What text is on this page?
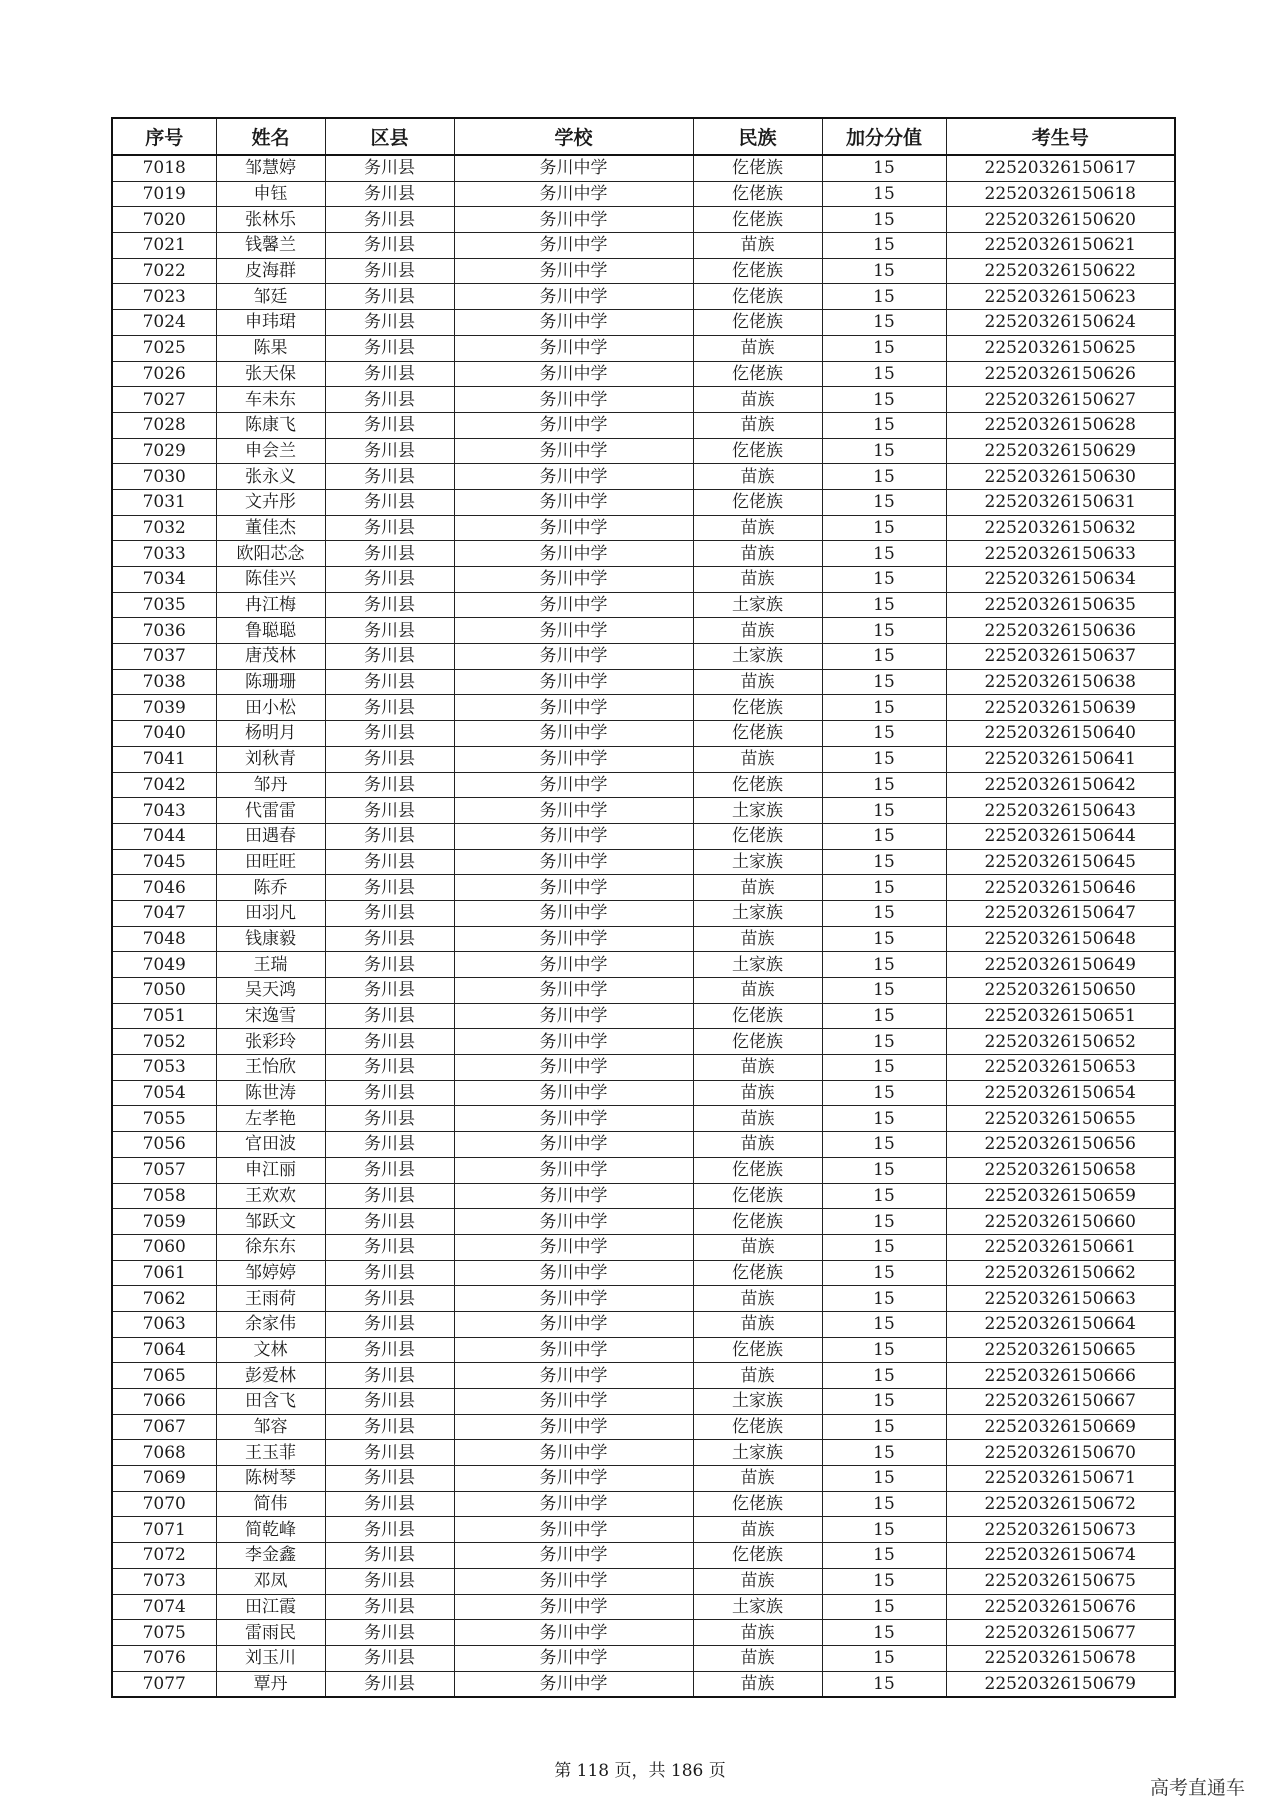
序号	姓名	区县	学校	民族	加分分值	考生号
7018	邹慧婷	务川县	务川中学	仡佬族	15	22520326150617
7019	申钰	务川县	务川中学	仡佬族	15	22520326150618
7020	张林乐	务川县	务川中学	仡佬族	15	22520326150620
7021	钱馨兰	务川县	务川中学	苗族	15	22520326150621
7022	皮海群	务川县	务川中学	仡佬族	15	22520326150622
7023	邹廷	务川县	务川中学	仡佬族	15	22520326150623
7024	申玮珺	务川县	务川中学	仡佬族	15	22520326150624
7025	陈果	务川县	务川中学	苗族	15	22520326150625
7026	张天保	务川县	务川中学	仡佬族	15	22520326150626
7027	车未东	务川县	务川中学	苗族	15	22520326150627
7028	陈康飞	务川县	务川中学	苗族	15	22520326150628
7029	申会兰	务川县	务川中学	仡佬族	15	22520326150629
7030	张永义	务川县	务川中学	苗族	15	22520326150630
7031	文卉彤	务川县	务川中学	仡佬族	15	22520326150631
7032	董佳杰	务川县	务川中学	苗族	15	22520326150632
7033	欧阳芯念	务川县	务川中学	苗族	15	22520326150633
7034	陈佳兴	务川县	务川中学	苗族	15	22520326150634
7035	冉江梅	务川县	务川中学	土家族	15	22520326150635
7036	鲁聪聪	务川县	务川中学	苗族	15	22520326150636
7037	唐茂林	务川县	务川中学	土家族	15	22520326150637
7038	陈珊珊	务川县	务川中学	苗族	15	22520326150638
7039	田小松	务川县	务川中学	仡佬族	15	22520326150639
7040	杨明月	务川县	务川中学	仡佬族	15	22520326150640
7041	刘秋青	务川县	务川中学	苗族	15	22520326150641
7042	邹丹	务川县	务川中学	仡佬族	15	22520326150642
7043	代雷雷	务川县	务川中学	土家族	15	22520326150643
7044	田遇春	务川县	务川中学	仡佬族	15	22520326150644
7045	田旺旺	务川县	务川中学	土家族	15	22520326150645
7046	陈乔	务川县	务川中学	苗族	15	22520326150646
7047	田羽凡	务川县	务川中学	土家族	15	22520326150647
7048	钱康毅	务川县	务川中学	苗族	15	22520326150648
7049	王瑞	务川县	务川中学	土家族	15	22520326150649
7050	吴天鸿	务川县	务川中学	苗族	15	22520326150650
7051	宋逸雪	务川县	务川中学	仡佬族	15	22520326150651
7052	张彩玲	务川县	务川中学	仡佬族	15	22520326150652
7053	王怡欣	务川县	务川中学	苗族	15	22520326150653
7054	陈世涛	务川县	务川中学	苗族	15	22520326150654
7055	左孝艳	务川县	务川中学	苗族	15	22520326150655
7056	官田波	务川县	务川中学	苗族	15	22520326150656
7057	申江丽	务川县	务川中学	仡佬族	15	22520326150658
7058	王欢欢	务川县	务川中学	仡佬族	15	22520326150659
7059	邹跃文	务川县	务川中学	仡佬族	15	22520326150660
7060	徐东东	务川县	务川中学	苗族	15	22520326150661
7061	邹婷婷	务川县	务川中学	仡佬族	15	22520326150662
7062	王雨荷	务川县	务川中学	苗族	15	22520326150663
7063	余家伟	务川县	务川中学	苗族	15	22520326150664
7064	文林	务川县	务川中学	仡佬族	15	22520326150665
7065	彭爱林	务川县	务川中学	苗族	15	22520326150666
7066	田含飞	务川县	务川中学	土家族	15	22520326150667
7067	邹容	务川县	务川中学	仡佬族	15	22520326150669
7068	王玉菲	务川县	务川中学	土家族	15	22520326150670
7069	陈树琴	务川县	务川中学	苗族	15	22520326150671
7070	简伟	务川县	务川中学	仡佬族	15	22520326150672
7071	简乾峰	务川县	务川中学	苗族	15	22520326150673
7072	李金鑫	务川县	务川中学	仡佬族	15	22520326150674
7073	邓凤	务川县	务川中学	苗族	15	22520326150675
7074	田江霞	务川县	务川中学	土家族	15	22520326150676
7075	雷雨民	务川县	务川中学	苗族	15	22520326150677
7076	刘玉川	务川县	务川中学	苗族	15	22520326150678
7077	覃丹	务川县	务川中学	苗族	15	22520326150679
第 118 页，共 186 页
高考直通车
